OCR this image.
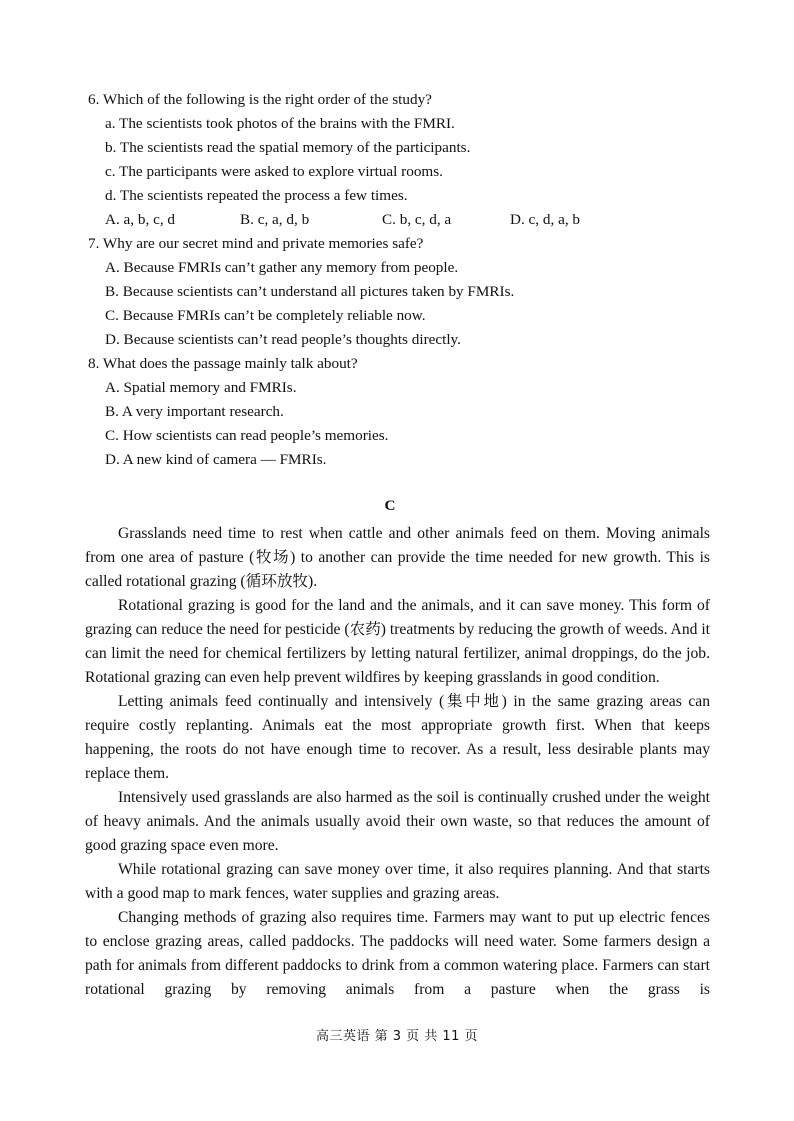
6. Which of the following is the right order of the study?
a. The scientists took photos of the brains with the FMRI.
b. The scientists read the spatial memory of the participants.
c. The participants were asked to explore virtual rooms.
d. The scientists repeated the process a few times.
A. a, b, c, d	B. c, a, d, b	C. b, c, d, a	D. c, d, a, b
7. Why are our secret mind and private memories safe?
A. Because FMRIs can’t gather any memory from people.
B. Because scientists can’t understand all pictures taken by FMRIs.
C. Because FMRIs can’t be completely reliable now.
D. Because scientists can’t read people’s thoughts directly.
8. What does the passage mainly talk about?
A. Spatial memory and FMRIs.
B. A very important research.
C. How scientists can read people’s memories.
D. A new kind of camera — FMRIs.
C

Grasslands need time to rest when cattle and other animals feed on them. Moving animals from one area of pasture (牧场) to another can provide the time needed for new growth. This is called rotational grazing (循环放牧).

Rotational grazing is good for the land and the animals, and it can save money. This form of grazing can reduce the need for pesticide (农药) treatments by reducing the growth of weeds. And it can limit the need for chemical fertilizers by letting natural fertilizer, animal droppings, do the job. Rotational grazing can even help prevent wildfires by keeping grasslands in good condition.

Letting animals feed continually and intensively (集中地) in the same grazing areas can require costly replanting. Animals eat the most appropriate growth first. When that keeps happening, the roots do not have enough time to recover. As a result, less desirable plants may replace them.

Intensively used grasslands are also harmed as the soil is continually crushed under the weight of heavy animals. And the animals usually avoid their own waste, so that reduces the amount of good grazing space even more.

While rotational grazing can save money over time, it also requires planning. And that starts with a good map to mark fences, water supplies and grazing areas.

Changing methods of grazing also requires time. Farmers may want to put up electric fences to enclose grazing areas, called paddocks. The paddocks will need water. Some farmers design a path for animals from different paddocks to drink from a common watering place. Farmers can start rotational grazing by removing animals from a pasture when the grass is

高三英语 第 3 页 共 11 页
